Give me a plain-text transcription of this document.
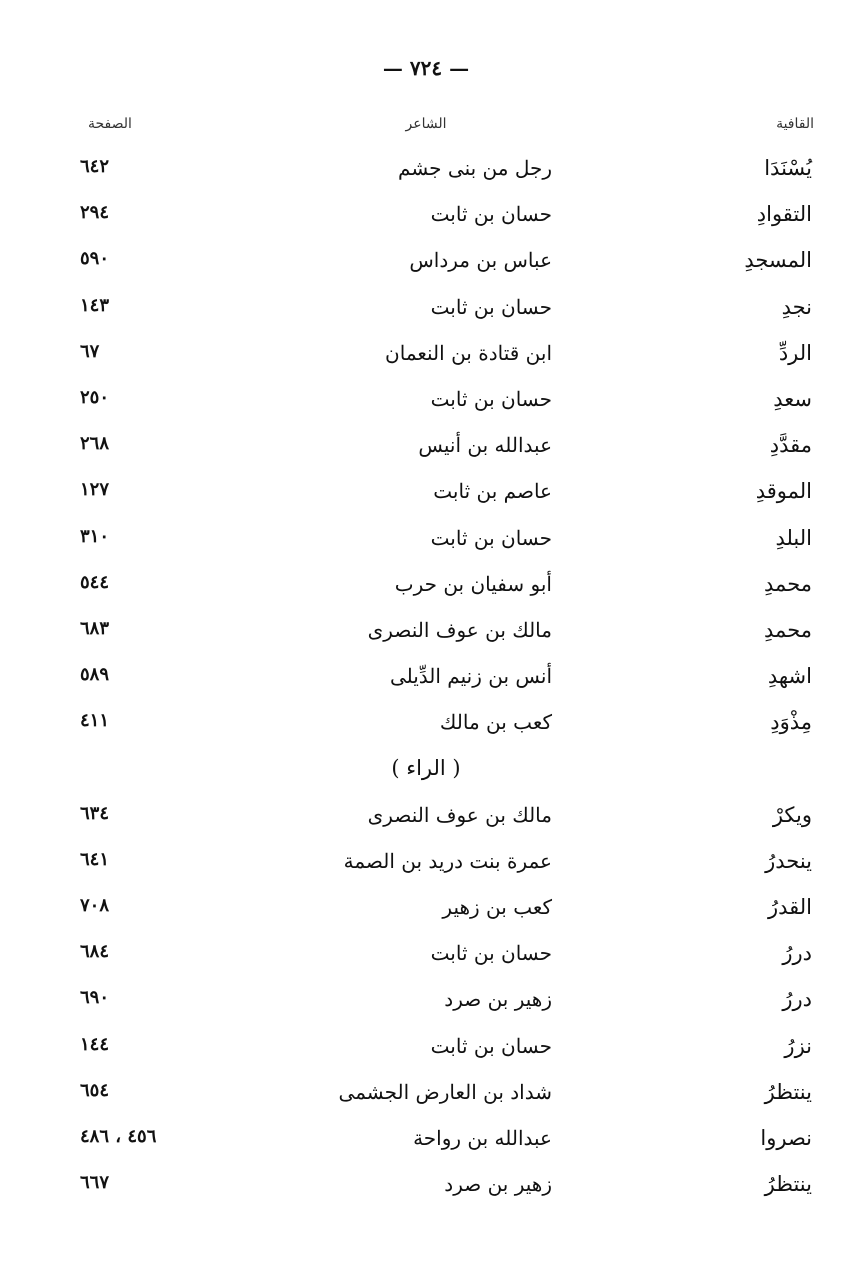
— ٧٢٤ —
القافية
الشاعر
الصفحة
يُسْنَدَا
رجل من بنى جشم
٦٤٢
التقوادِ
حسان بن ثابت
٢٩٤
المسجدِ
عباس بن مرداس
٥٩٠
نجدِ
حسان بن ثابت
١٤٣
الردِّ
ابن قتادة بن النعمان
٦٧
سعدِ
حسان بن ثابت
٢٥٠
مقدَّدِ
عبدالله بن أنيس
٢٦٨
الموقدِ
عاصم بن ثابت
١٢٧
البلدِ
حسان بن ثابت
٣١٠
محمدِ
أبو سفيان بن حرب
٥٤٤
محمدِ
مالك بن عوف النصرى
٦٨٣
اشهدِ
أنس بن زنيم الدِّيلى
٥٨٩
مِذْوَدِ
كعب بن مالك
٤١١
( الراء )
ويكرْ
مالك بن عوف النصرى
٦٣٤
ينحدرُ
عمرة بنت دريد بن الصمة
٦٤١
القدرُ
كعب بن زهير
٧٠٨
دررُ
حسان بن ثابت
٦٨٤
دررُ
زهير بن صرد
٦٩٠
نزرُ
حسان بن ثابت
١٤٤
ينتظرُ
شداد بن العارض الجشمى
٦٥٤
نصروا
عبدالله بن رواحة
٤٥٦ ، ٤٨٦
ينتظرُ
زهير بن صرد
٦٦٧
